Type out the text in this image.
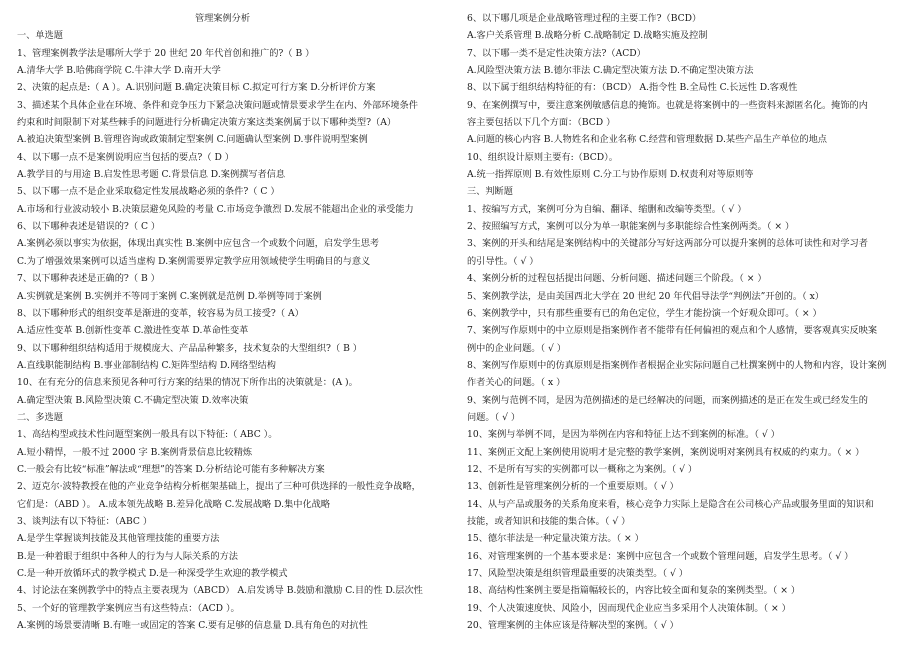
管理案例分析
一、单选题
1、管理案例教学法是哪所大学于 20 世纪 20 年代首创和推广的?（ B ）
A.清华大学 B.哈佛商学院 C.牛津大学 D.南开大学
2、决策的起点是:（ A ）。A.识别问题 B.确定决策目标 C.拟定可行方案 D.分析评价方案
3、描述某个具体企业在环境、条件和竞争压力下紧急决策问题或情景要求学生在内、外部环境条件
约束和时间限制下对某些棘手的问题进行分析确定决策方案这类案例属于以下哪种类型?（A）
A.被迫决策型案例 B.管理咨询或政策制定型案例 C.问题确认型案例 D.事件说明型案例
4、以下哪一点不是案例说明应当包括的要点?（ D ）
A.教学目的与用途 B.启发性思考题 C.背景信息 D.案例撰写者信息
5、以下哪一点不是企业采取稳定性发展战略必须的条件?（ C ）
A.市场和行业波动较小 B.决策层避免风险的考量 C.市场竞争激烈 D.发展不能超出企业的承受能力
6、以下哪种表述是错误的?（ C ）
A.案例必须以事实为依据，体现出真实性 B.案例中应包含一个或数个问题，启发学生思考
C.为了增强效果案例可以适当虚构 D.案例需要界定教学应用领域使学生明确目的与意义
7、以下哪种表述是正确的?（ B ）
A.实例就是案例 B.实例并不等同于案例 C.案例就是范例 D.举例等同于案例
8、以下哪种形式的组织变革是渐进的变革，较容易为员工接受?（ A）
A.适应性变革 B.创新性变革 C.激进性变革 D.革命性变革
9、以下哪种组织结构适用于规模庞大、产品品种繁多，技术复杂的大型组织?（ B ）
A.直线职能制结构 B.事业部制结构 C.矩阵型结构 D.网络型结构
10、在有充分的信息来预见各种可行方案的结果的情况下所作出的决策就是：(A )。
A.确定型决策 B.风险型决策 C.不确定型决策 D.效率决策
二、多选题
1、高结构型或技术性问题型案例一般具有以下特征:（ ABC ）。
A.短小精悍，一般不过 2000 字 B.案例背景信息比较精炼
C.一般会有比较“标准”解法或“理想”的答案 D.分析结论可能有多种解决方案
2、迈克尔·波特教授在他的产业竞争结构分析框架基础上，提出了三种可供选择的一般性竞争战略，
它们是：（ABD ）。 A.成本领先战略 B.差异化战略 C.发展战略 D.集中化战略
3、谈判法有以下特征：（ABC ）
A.是学生掌握谈判技能及其他管理技能的重要方法
B.是一种着眼于组织中各种人的行为与人际关系的方法
C.是一种开放循环式的教学模式 D.是一种深受学生欢迎的教学模式
4、讨论法在案例教学中的特点主要表现为（ABCD） A.启发诱导 B.鼓励和激励 C.目的性 D.层次性
5、一个好的管理教学案例应当有这些特点：（ACD ）。
A.案例的场景要清晰 B.有唯一或固定的答案 C.要有足够的信息量 D.具有角色的对抗性
6、以下哪几项是企业战略管理过程的主要工作?（BCD）
A.客户关系管理 B.战略分析 C.战略制定 D.战略实施及控制
7、以下哪一类不是定性决策方法?（ACD）
A.风险型决策方法 B.德尔菲法 C.确定型决策方法 D.不确定型决策方法
8、以下属于组织结构特征的有：（BCD） A.指令性 B.全局性 C.长远性 D.客观性
9、在案例撰写中，要注意案例敏感信息的掩饰。也就是将案例中的一些资料来源匿名化。掩饰的内
容主要包括以下几个方面：（BCD ）
A.问题的核心内容 B.人物姓名和企业名称 C.经营和管理数据 D.某些产品生产单位的地点
10、组织设计原则主要有:（BCD）。
A.统一指挥原则 B.有效性原则 C.分工与协作原则 D.权责利对等原则等
三、判断题
1、按编写方式，案例可分为自编、翻译、缩删和改编等类型。（ √ ）
2、按照编写方式，案例可以分为单一职能案例与多职能综合性案例两类。（ × ）
3、案例的开头和结尾是案例结构中的关键部分写好这两部分可以提升案例的总体可读性和对学习者
的引导性。（ √ ）
4、案例分析的过程包括提出问题、分析问题、描述问题三个阶段。（ × ）
5、案例教学法，是由美国西北大学在 20 世纪 20 年代倡导法学“判例法”开创的。（ x）
6、案例教学中，只有那些重要有已的角色定位，学生才能扮演一个好观众即可。（ × ）
7、案例写作原则中的中立原则是指案例作者不能带有任何偏袒的观点和个人感情，要客观真实反映案
例中的企业问题。（ √ ）
8、案例写作原则中的仿真原则是指案例作者根据企业实际问题自己杜撰案例中的人物和内容，设计案例
作者关心的问题。（ x ）
9、案例与范例不同，是因为范例描述的是已经解决的问题，而案例描述的是正在发生或已经发生的
问题。（ √ ）
10、案例与举例不同，是因为举例在内容和特征上达不到案例的标准。（ √ ）
11、案例正文配上案例使用说明才是完整的教学案例，案例说明对案例具有权威的约束力。（ × ）
12、不是所有写实的实例都可以一概称之为案例。（ √ ）
13、创新性是管理案例分析的一个重要原则。（ √ ）
14、从与产品或服务的关系角度来看，核心竞争力实际上是隐含在公司核心产品或服务里面的知识和
技能，或者知识和技能的集合体。（ √ ）
15、德尔菲法是一种定量决策方法。（ × ）
16、对管理案例的一个基本要求是：案例中应包含一个或数个管理问题，启发学生思考。（ √ ）
17、风险型决策是组织管理最重要的决策类型。（ √ ）
18、高结构性案例主要是指篇幅较长的，内容比较全面和复杂的案例类型。（ × ）
19、个人决策速度快、风险小，因而现代企业应当多采用个人决策体制。（ × ）
20、管理案例的主体应该是待解决型的案例。（ √ ）
